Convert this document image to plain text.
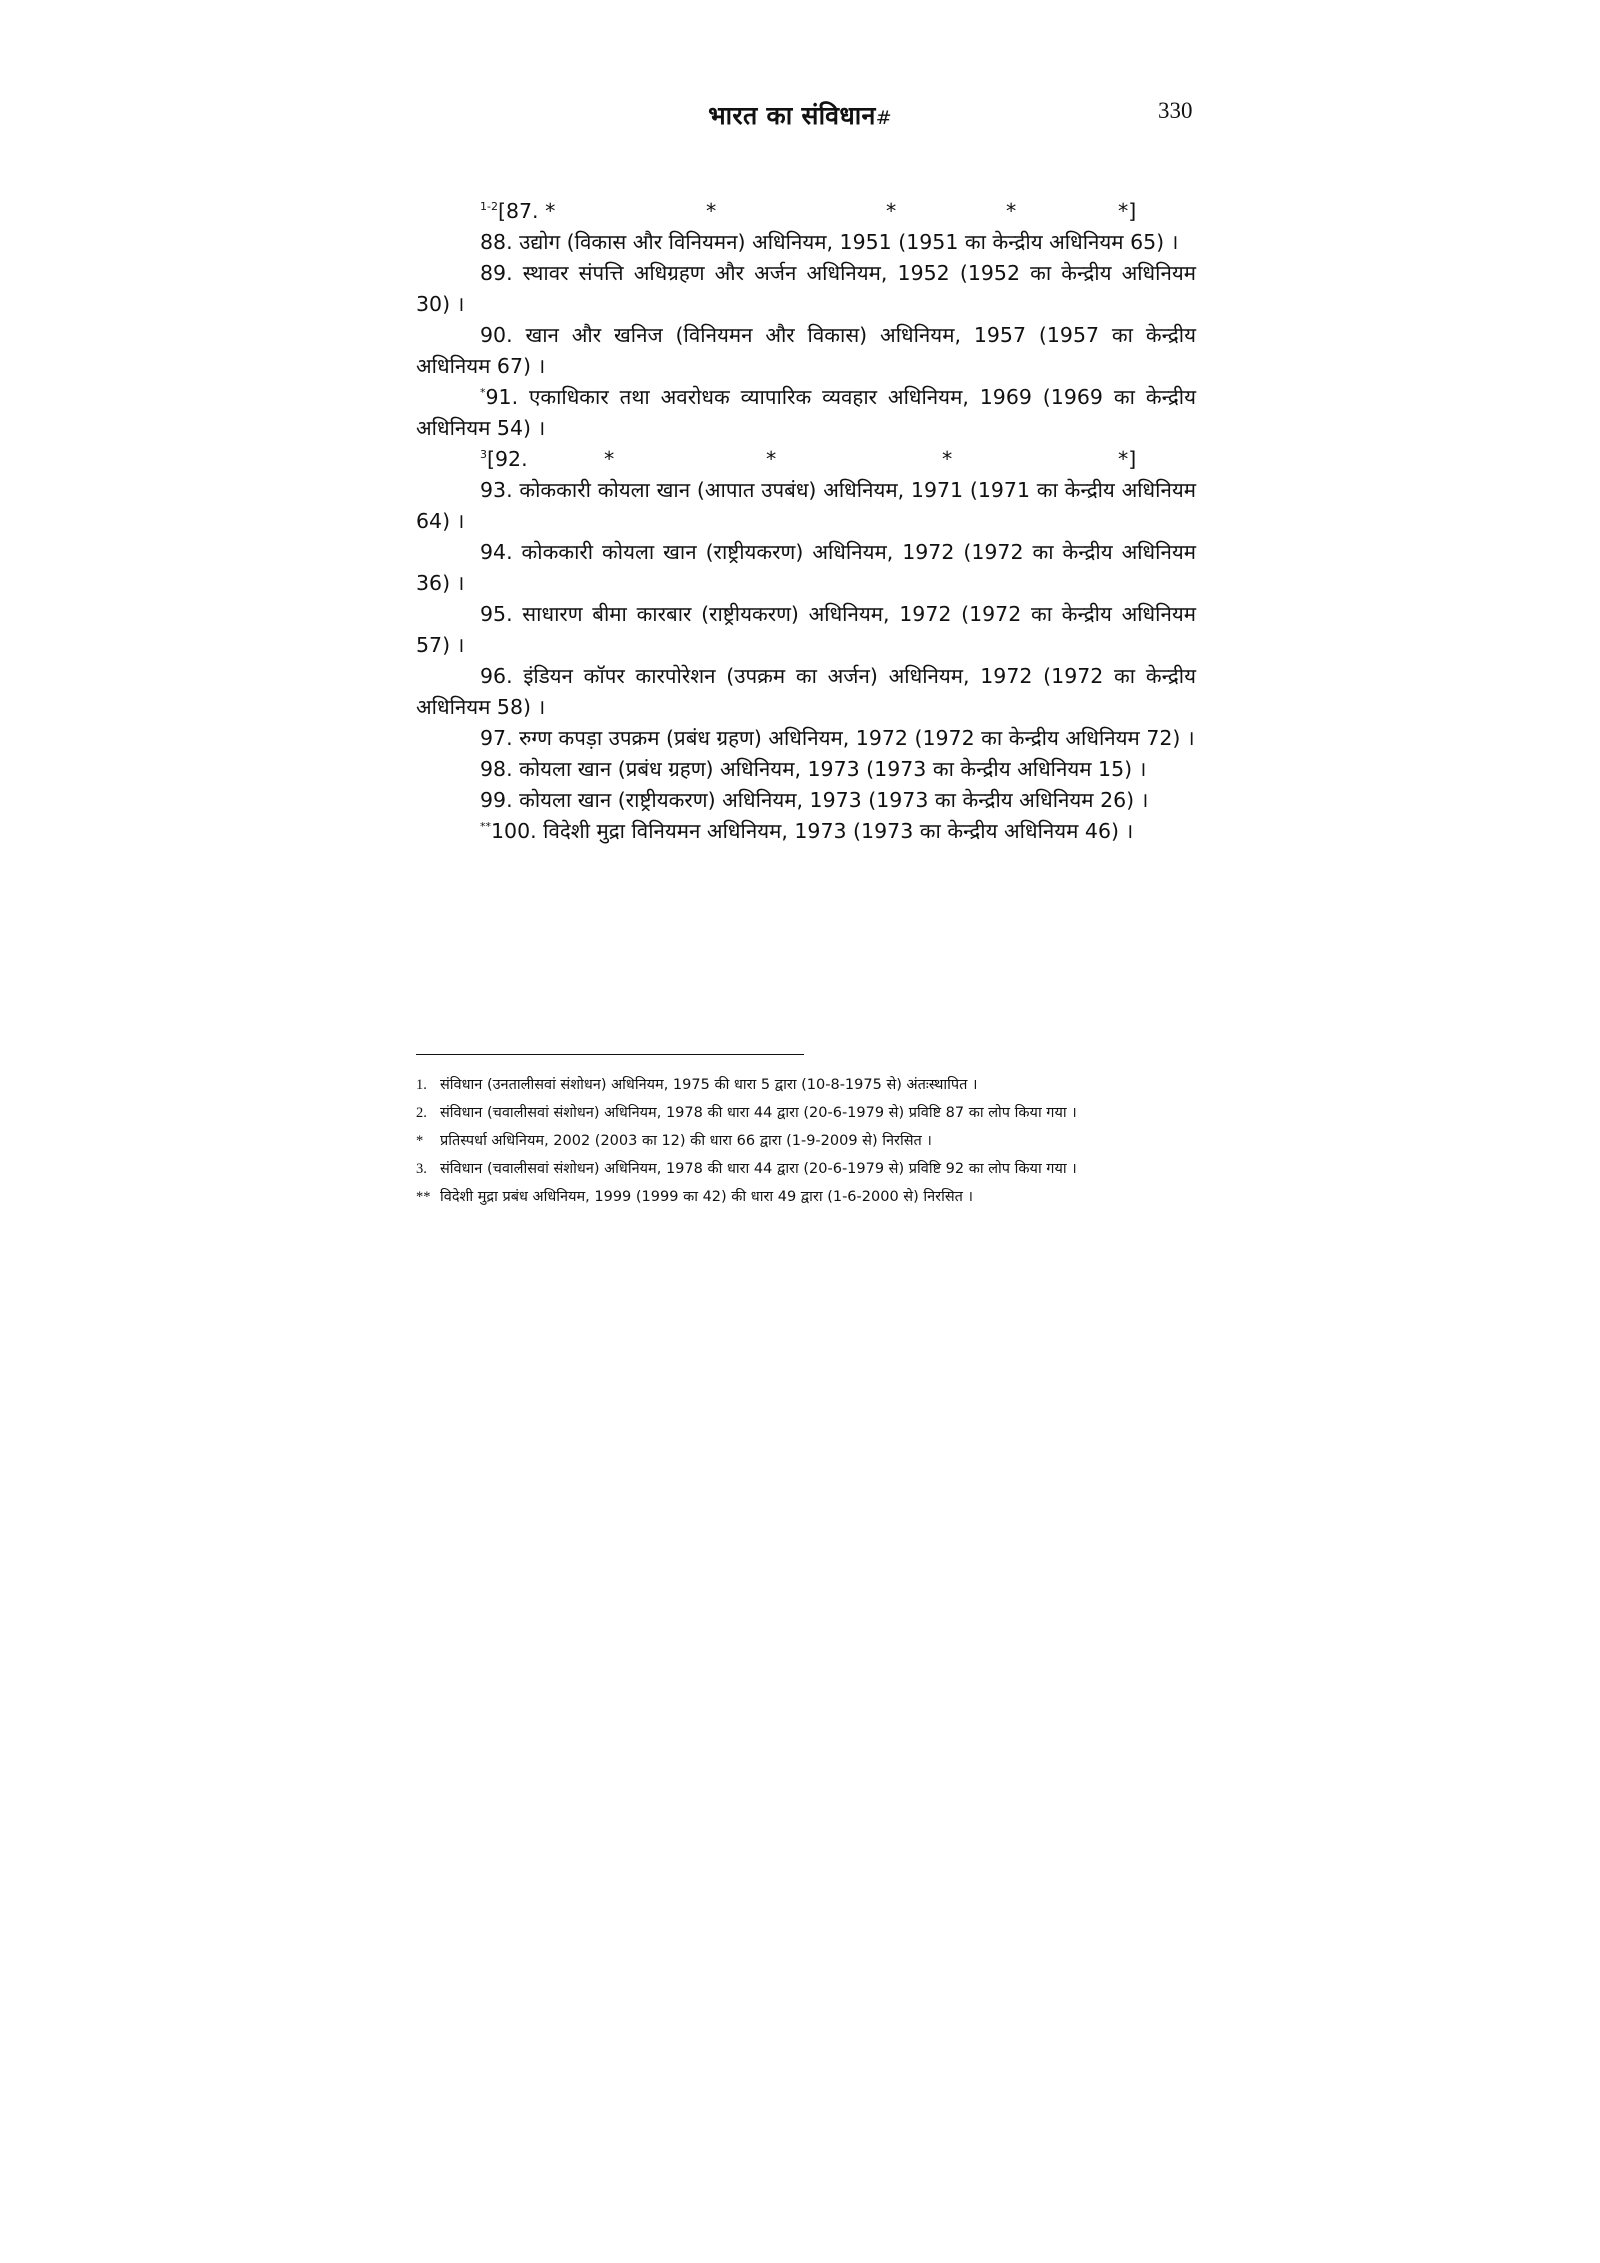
भारत का संविधान#	330
$^{1-2}$[87. *	*	*	*	*]

88. उद्योग (विकास और विनियमन) अधिनियम, 1951 (1951 का केन्द्रीय अधिनियम 65) ।

89. स्थावर संपत्ति अधिग्रहण और अर्जन अधिनियम, 1952 (1952 का केन्द्रीय अधिनियम 30) ।

90. खान और खनिज (विनियमन और विकास) अधिनियम, 1957 (1957 का केन्द्रीय अधिनियम 67) ।

*91. एकाधिकार तथा अवरोधक व्यापारिक व्यवहार अधिनियम, 1969 (1969 का केन्द्रीय अधिनियम 54) ।

$^3$[92.	*	*	*	*]

93. कोककारी कोयला खान (आपात उपबंध) अधिनियम, 1971 (1971 का केन्द्रीय अधिनियम 64) ।

94. कोककारी कोयला खान (राष्ट्रीयकरण) अधिनियम, 1972 (1972 का केन्द्रीय अधिनियम 36) ।

95. साधारण बीमा कारबार (राष्ट्रीयकरण) अधिनियम, 1972 (1972 का केन्द्रीय अधिनियम 57) ।

96. इंडियन कॉपर कारपोरेशन (उपक्रम का अर्जन) अधिनियम, 1972 (1972 का केन्द्रीय अधिनियम 58) ।

97. रुग्ण कपड़ा उपक्रम (प्रबंध ग्रहण) अधिनियम, 1972 (1972 का केन्द्रीय अधिनियम 72) ।

98. कोयला खान (प्रबंध ग्रहण) अधिनियम, 1973 (1973 का केन्द्रीय अधिनियम 15) ।

99. कोयला खान (राष्ट्रीयकरण) अधिनियम, 1973 (1973 का केन्द्रीय अधिनियम 26) ।

**100. विदेशी मुद्रा विनियमन अधिनियम, 1973 (1973 का केन्द्रीय अधिनियम 46) ।

1. संविधान (उनतालीसवां संशोधन) अधिनियम, 1975 की धारा 5 द्वारा (10-8-1975 से) अंतःस्थापित ।
2. संविधान (चवालीसवां संशोधन) अधिनियम, 1978 की धारा 44 द्वारा (20-6-1979 से) प्रविष्टि 87 का लोप किया गया ।
* प्रतिस्पर्धा अधिनियम, 2002 (2003 का 12) की धारा 66 द्वारा (1-9-2009 से) निरसित ।
3. संविधान (चवालीसवां संशोधन) अधिनियम, 1978 की धारा 44 द्वारा (20-6-1979 से) प्रविष्टि 92 का लोप किया गया ।
** विदेशी मुद्रा प्रबंध अधिनियम, 1999 (1999 का 42) की धारा 49 द्वारा (1-6-2000 से) निरसित ।
